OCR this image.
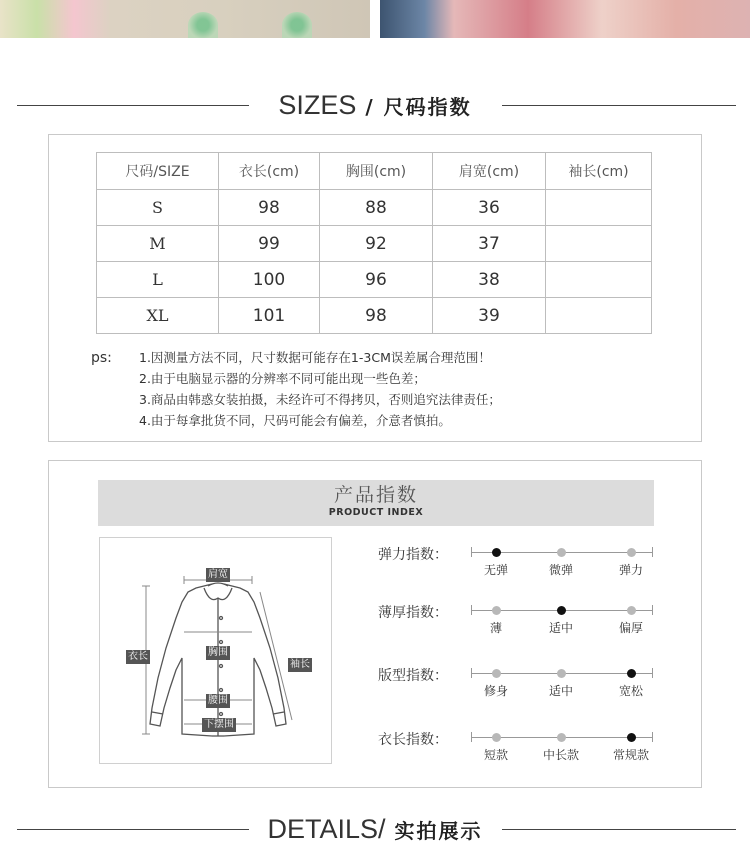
SIZES / 尺码指数
尺码/SIZE	衣长(cm)	胸围(cm)	肩宽(cm)	袖长(cm)
S	98	88	36	
M	99	92	37	
L	100	96	38	
XL	101	98	39	
ps: 1.因测量方法不同，尺寸数据可能存在1-3CM误差属合理范围！
2.由于电脑显示器的分辨率不同可能出现一些色差；
3.商品由韩惑女装拍摄，未经许可不得拷贝，否则追究法律责任；
4.由于每拿批货不同，尺码可能会有偏差，介意者慎拍。
产品指数
PRODUCT INDEX
肩宽
衣长	胸围
袖长
腰围
下摆围
弹力指数：
无弹	微弹	弹力
薄厚指数：
薄	适中	偏厚
版型指数：
修身	适中	宽松
衣长指数：
短款	中长款	常规款
DETAILS/ 实拍展示
